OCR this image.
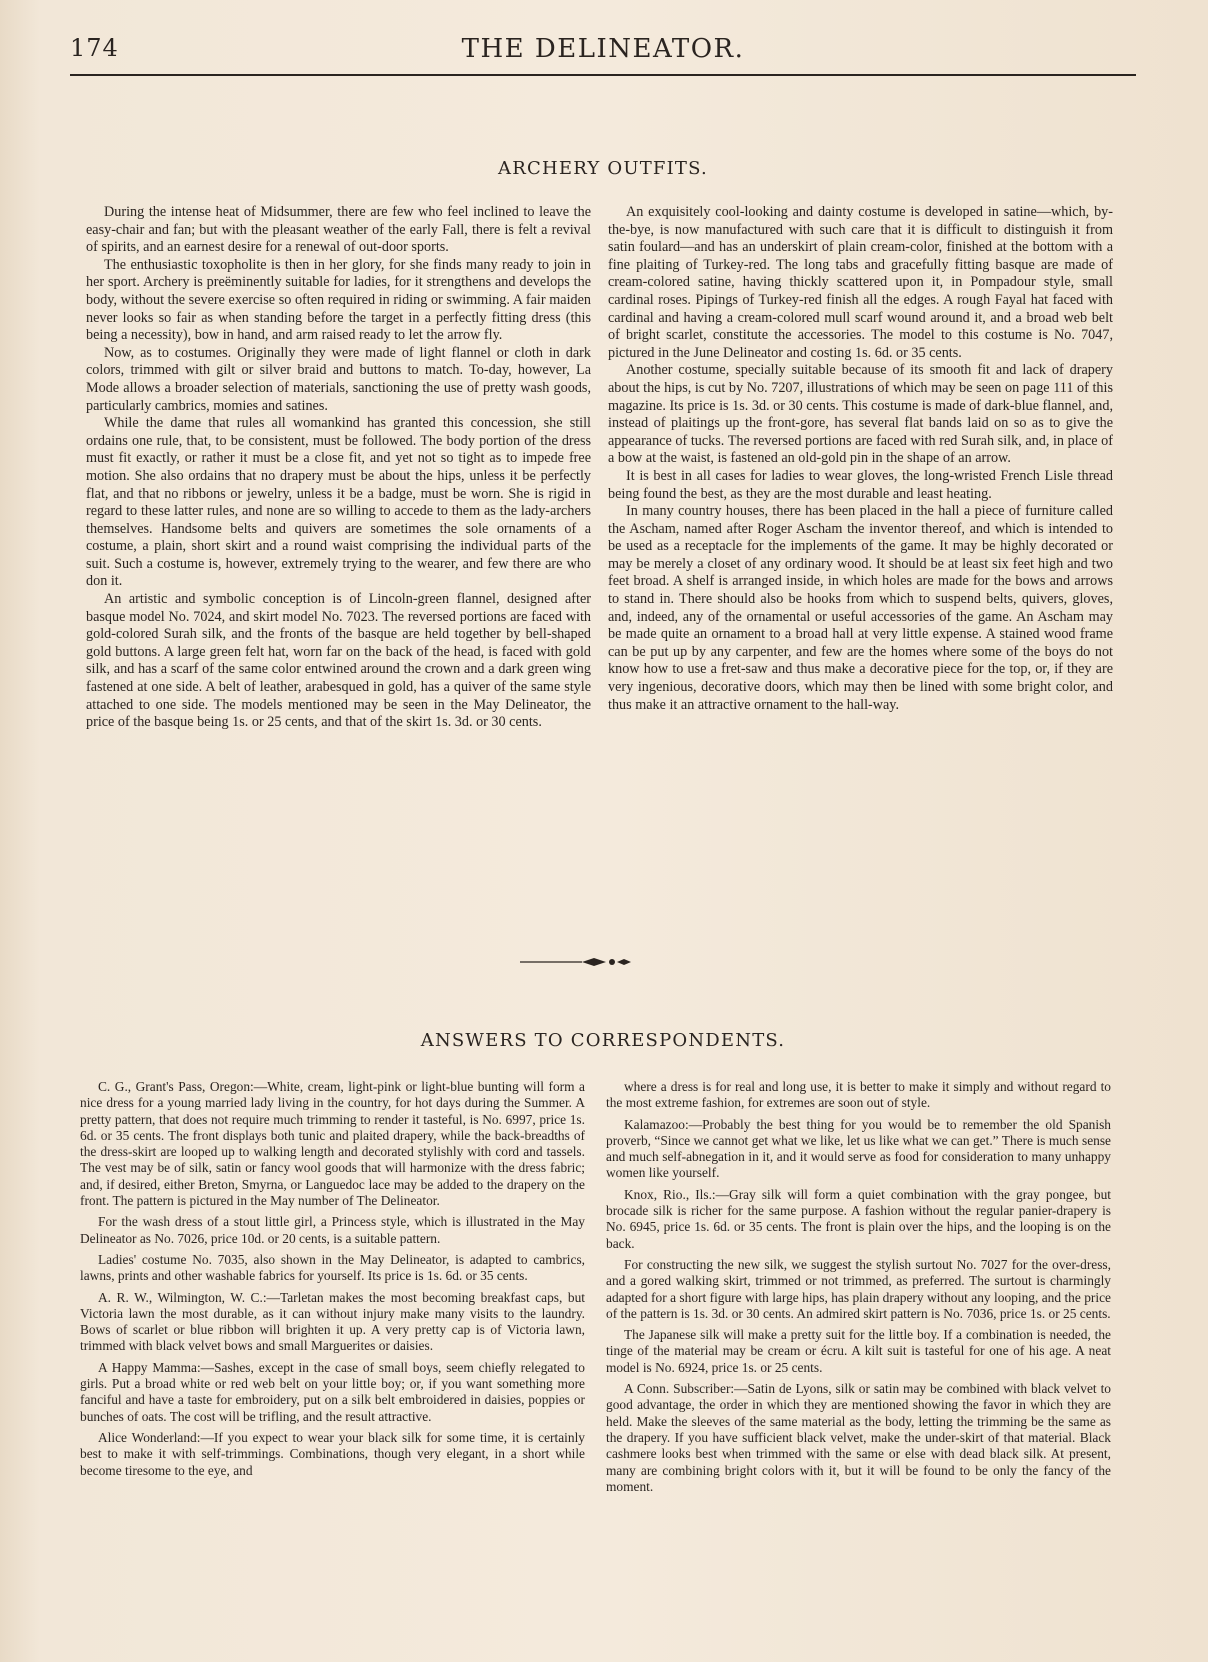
174	THE DELINEATOR.
ARCHERY OUTFITS.

During the intense heat of Midsummer, there are few who feel inclined to leave the easy-chair and fan; but with the pleasant weather of the early Fall, there is felt a revival of spirits, and an earnest desire for a renewal of out-door sports.

The enthusiastic toxopholite is then in her glory, for she finds many ready to join in her sport. Archery is preëminently suitable for ladies, for it strengthens and develops the body, without the severe exercise so often required in riding or swimming. A fair maiden never looks so fair as when standing before the target in a perfectly fitting dress (this being a necessity), bow in hand, and arm raised ready to let the arrow fly.

Now, as to costumes. Originally they were made of light flannel or cloth in dark colors, trimmed with gilt or silver braid and buttons to match. To-day, however, La Mode allows a broader selection of materials, sanctioning the use of pretty wash goods, particularly cambrics, momies and satines.

While the dame that rules all womankind has granted this concession, she still ordains one rule, that, to be consistent, must be followed. The body portion of the dress must fit exactly, or rather it must be a close fit, and yet not so tight as to impede free motion. She also ordains that no drapery must be about the hips, unless it be perfectly flat, and that no ribbons or jewelry, unless it be a badge, must be worn. She is rigid in regard to these latter rules, and none are so willing to accede to them as the lady-archers themselves. Handsome belts and quivers are sometimes the sole ornaments of a costume, a plain, short skirt and a round waist comprising the individual parts of the suit. Such a costume is, however, extremely trying to the wearer, and few there are who don it.

An artistic and symbolic conception is of Lincoln-green flannel, designed after basque model No. 7024, and skirt model No. 7023. The reversed portions are faced with gold-colored Surah silk, and the fronts of the basque are held together by bell-shaped gold buttons. A large green felt hat, worn far on the back of the head, is faced with gold silk, and has a scarf of the same color entwined around the crown and a dark green wing fastened at one side. A belt of leather, arabesqued in gold, has a quiver of the same style attached to one side. The models mentioned may be seen in the May Delineator, the price of the basque being 1s. or 25 cents, and that of the skirt 1s. 3d. or 30 cents.

An exquisitely cool-looking and dainty costume is developed in satine—which, by-the-bye, is now manufactured with such care that it is difficult to distinguish it from satin foulard—and has an underskirt of plain cream-color, finished at the bottom with a fine plaiting of Turkey-red. The long tabs and gracefully fitting basque are made of cream-colored satine, having thickly scattered upon it, in Pompadour style, small cardinal roses. Pipings of Turkey-red finish all the edges. A rough Fayal hat faced with cardinal and having a cream-colored mull scarf wound around it, and a broad web belt of bright scarlet, constitute the accessories. The model to this costume is No. 7047, pictured in the June Delineator and costing 1s. 6d. or 35 cents.

Another costume, specially suitable because of its smooth fit and lack of drapery about the hips, is cut by No. 7207, illustrations of which may be seen on page 111 of this magazine. Its price is 1s. 3d. or 30 cents. This costume is made of dark-blue flannel, and, instead of plaitings up the front-gore, has several flat bands laid on so as to give the appearance of tucks. The reversed portions are faced with red Surah silk, and, in place of a bow at the waist, is fastened an old-gold pin in the shape of an arrow.

It is best in all cases for ladies to wear gloves, the long-wristed French Lisle thread being found the best, as they are the most durable and least heating.

In many country houses, there has been placed in the hall a piece of furniture called the Ascham, named after Roger Ascham the inventor thereof, and which is intended to be used as a receptacle for the implements of the game. It may be highly decorated or may be merely a closet of any ordinary wood. It should be at least six feet high and two feet broad. A shelf is arranged inside, in which holes are made for the bows and arrows to stand in. There should also be hooks from which to suspend belts, quivers, gloves, and, indeed, any of the ornamental or useful accessories of the game. An Ascham may be made quite an ornament to a broad hall at very little expense. A stained wood frame can be put up by any carpenter, and few are the homes where some of the boys do not know how to use a fret-saw and thus make a decorative piece for the top, or, if they are very ingenious, decorative doors, which may then be lined with some bright color, and thus make it an attractive ornament to the hall-way.

ANSWERS TO CORRESPONDENTS.

C. G., Grant's Pass, Oregon:—White, cream, light-pink or light-blue bunting will form a nice dress for a young married lady living in the country, for hot days during the Summer. A pretty pattern, that does not require much trimming to render it tasteful, is No. 6997, price 1s. 6d. or 35 cents. The front displays both tunic and plaited drapery, while the back-breadths of the dress-skirt are looped up to walking length and decorated stylishly with cord and tassels. The vest may be of silk, satin or fancy wool goods that will harmonize with the dress fabric; and, if desired, either Breton, Smyrna, or Languedoc lace may be added to the drapery on the front. The pattern is pictured in the May number of The Delineator.

For the wash dress of a stout little girl, a Princess style, which is illustrated in the May Delineator as No. 7026, price 10d. or 20 cents, is a suitable pattern.

Ladies' costume No. 7035, also shown in the May Delineator, is adapted to cambrics, lawns, prints and other washable fabrics for yourself. Its price is 1s. 6d. or 35 cents.

A. R. W., Wilmington, W. C.:—Tarletan makes the most becoming breakfast caps, but Victoria lawn the most durable, as it can without injury make many visits to the laundry. Bows of scarlet or blue ribbon will brighten it up. A very pretty cap is of Victoria lawn, trimmed with black velvet bows and small Marguerites or daisies.

A Happy Mamma:—Sashes, except in the case of small boys, seem chiefly relegated to girls. Put a broad white or red web belt on your little boy; or, if you want something more fanciful and have a taste for embroidery, put on a silk belt embroidered in daisies, poppies or bunches of oats. The cost will be trifling, and the result attractive.

Alice Wonderland:—If you expect to wear your black silk for some time, it is certainly best to make it with self-trimmings. Combinations, though very elegant, in a short while become tiresome to the eye, and

where a dress is for real and long use, it is better to make it simply and without regard to the most extreme fashion, for extremes are soon out of style.

Kalamazoo:—Probably the best thing for you would be to remember the old Spanish proverb, “Since we cannot get what we like, let us like what we can get.” There is much sense and much self-abnegation in it, and it would serve as food for consideration to many unhappy women like yourself.

Knox, Rio., Ils.:—Gray silk will form a quiet combination with the gray pongee, but brocade silk is richer for the same purpose. A fashion without the regular panier-drapery is No. 6945, price 1s. 6d. or 35 cents. The front is plain over the hips, and the looping is on the back.

For constructing the new silk, we suggest the stylish surtout No. 7027 for the over-dress, and a gored walking skirt, trimmed or not trimmed, as preferred. The surtout is charmingly adapted for a short figure with large hips, has plain drapery without any looping, and the price of the pattern is 1s. 3d. or 30 cents. An admired skirt pattern is No. 7036, price 1s. or 25 cents.

The Japanese silk will make a pretty suit for the little boy. If a combination is needed, the tinge of the material may be cream or écru. A kilt suit is tasteful for one of his age. A neat model is No. 6924, price 1s. or 25 cents.

A Conn. Subscriber:—Satin de Lyons, silk or satin may be combined with black velvet to good advantage, the order in which they are mentioned showing the favor in which they are held. Make the sleeves of the same material as the body, letting the trimming be the same as the drapery. If you have sufficient black velvet, make the under-skirt of that material. Black cashmere looks best when trimmed with the same or else with dead black silk. At present, many are combining bright colors with it, but it will be found to be only the fancy of the moment.
